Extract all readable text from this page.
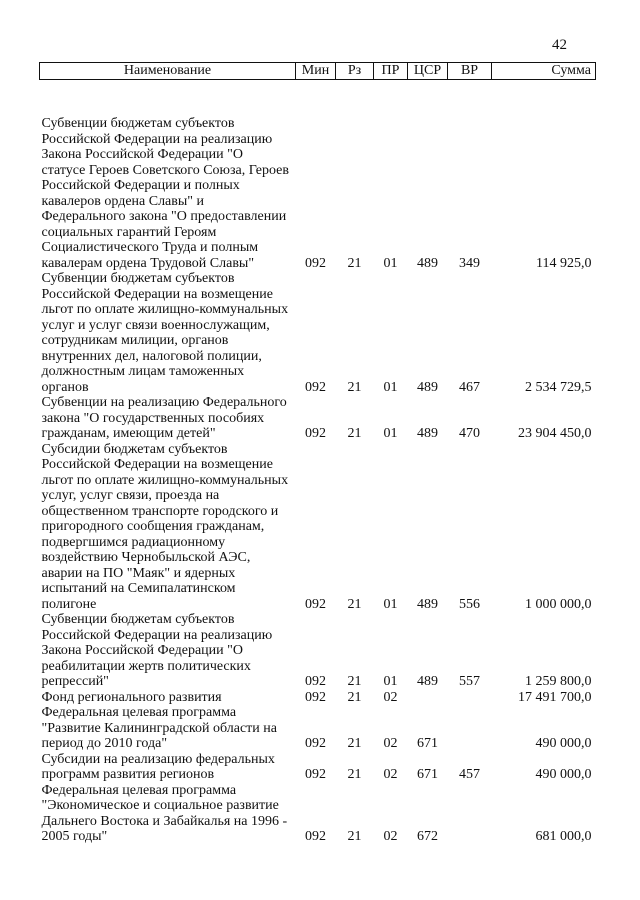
42
Наименование	Мин	Рз	ПР	ЦСР	ВР	Сумма
Субвенции бюджетам субъектов Российской Федерации на реализацию Закона Российской Федерации "О статусе Героев Советского Союза, Героев Российской Федерации и полных кавалеров ордена Славы" и Федерального закона "О предоставлении социальных гарантий Героям Социалистического Труда и полным кавалерам ордена Трудовой Славы"	092	21	01	489	349	114 925,0
Субвенции бюджетам субъектов Российской Федерации на возмещение льгот по оплате жилищно-коммунальных услуг и услуг связи военнослужащим, сотрудникам милиции, органов внутренних дел, налоговой полиции, должностным лицам таможенных органов	092	21	01	489	467	2 534 729,5
Субвенции на реализацию Федерального закона "О государственных пособиях гражданам, имеющим детей"	092	21	01	489	470	23 904 450,0
Субсидии бюджетам субъектов Российской Федерации на возмещение льгот по оплате жилищно-коммунальных услуг, услуг связи, проезда на общественном транспорте городского и пригородного сообщения гражданам, подвергшимся радиационному воздействию Чернобыльской АЭС, аварии на ПО "Маяк" и ядерных испытаний на Семипалатинском полигоне	092	21	01	489	556	1 000 000,0
Субвенции бюджетам субъектов Российской Федерации на реализацию Закона Российской Федерации "О реабилитации жертв политических репрессий"	092	21	01	489	557	1 259 800,0
Фонд регионального развития	092	21	02			17 491 700,0
Федеральная целевая программа "Развитие Калининградской области на период до 2010 года"	092	21	02	671		490 000,0
Субсидии на реализацию федеральных программ развития регионов	092	21	02	671	457	490 000,0
Федеральная целевая программа "Экономическое и социальное развитие Дальнего Востока и Забайкалья на 1996 - 2005 годы"	092	21	02	672		681 000,0
